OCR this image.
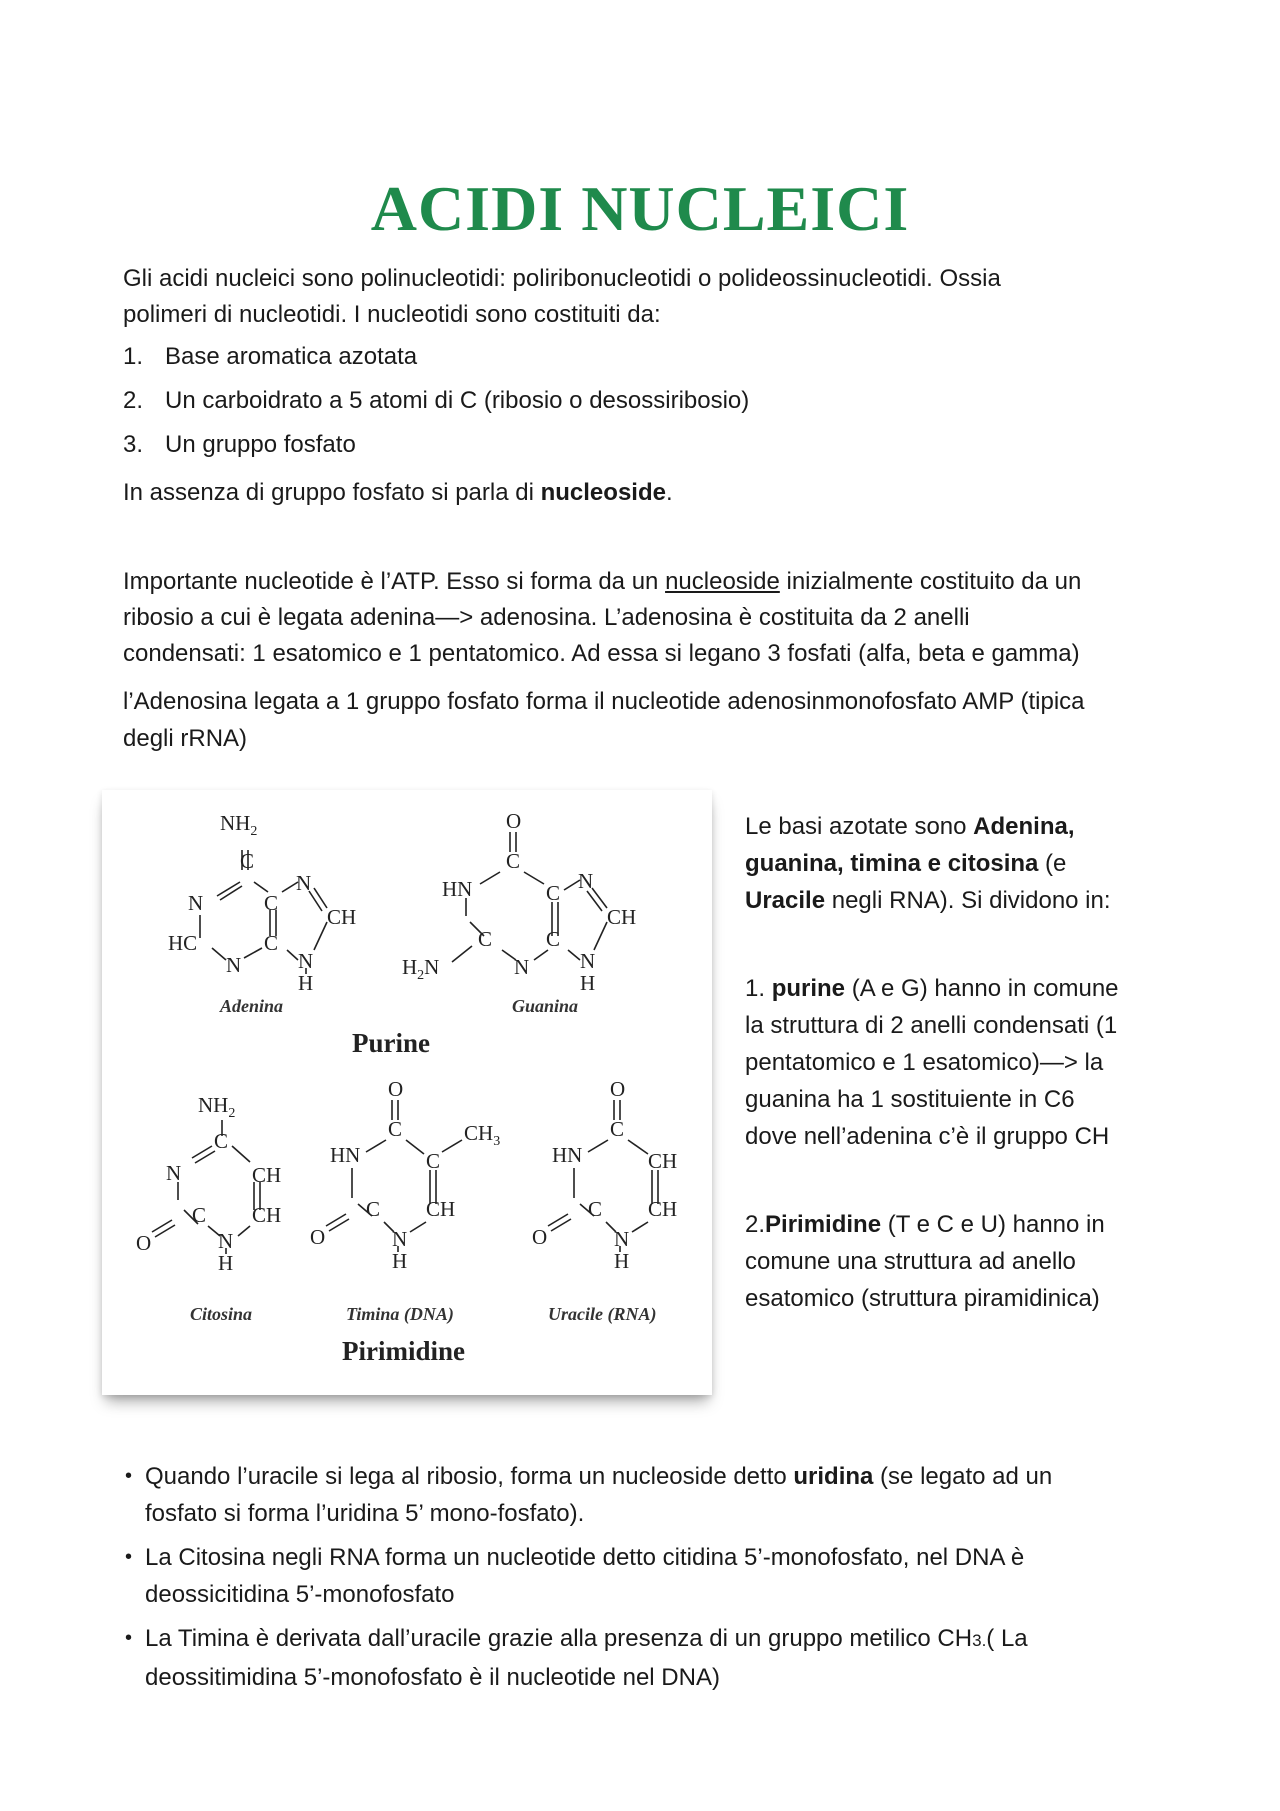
ACIDI NUCLEICI

Gli acidi nucleici sono polinucleotidi: poliribonucleotidi o polideossinucleotidi. Ossia

polimeri di nucleotidi. I nucleotidi sono costituiti da:

1. Base aromatica azotata
2. Un carboidrato a 5 atomi di C (ribosio o desossiribosio)
3. Un gruppo fosfato

In assenza di gruppo fosfato si parla di nucleoside.

Importante nucleotide è l’ATP. Esso si forma da un nucleoside inizialmente costituito da un

ribosio a cui è legata adenina—> adenosina. L’adenosina è costituita da 2 anelli

condensati: 1 esatomico e 1 pentatomico. Ad essa si legano 3 fosfati (alfa, beta e gamma)

l’Adenosina legata a 1 gruppo fosfato forma il nucleotide adenosinmonofosfato AMP (tipica

degli rRNA)

$NH_2$
C
N
N
C
CH
HC	C
N	N
H
O
C
HN	N
C
CH
C	C
$H_2N$	N N
H
Adenina	Guanina
Purine
$NH_2$
C
N	CH
C CH
O	N
H
O
C	$CH_3$
HN	C
C CH
O	N
H
O
C
HN	CH
C CH
O	N
H
Citosina	Timina (DNA)	Uracile (RNA)
Pirimidine

Le basi azotate sono Adenina,

guanina, timina e citosina (e

Uracile negli RNA). Si dividono in:

1. purine (A e G) hanno in comune

la struttura di 2 anelli condensati (1

pentatomico e 1 esatomico)—> la

guanina ha 1 sostituiente in C6

dove nell’adenina c’è il gruppo CH

2.Pirimidine (T e C e U) hanno in

comune una struttura ad anello

esatomico (struttura piramidinica)

• Quando l’uracile si lega al ribosio, forma un nucleoside detto uridina (se legato ad un
fosfato si forma l’uridina 5’ mono-fosfato).
• La Citosina negli RNA forma un nucleotide detto citidina 5’-monofosfato, nel DNA è
deossicitidina 5’-monofosfato
• La Timina è derivata dall’uracile grazie alla presenza di un gruppo metilico CH3.( La
deossitimidina 5’-monofosfato è il nucleotide nel DNA)
